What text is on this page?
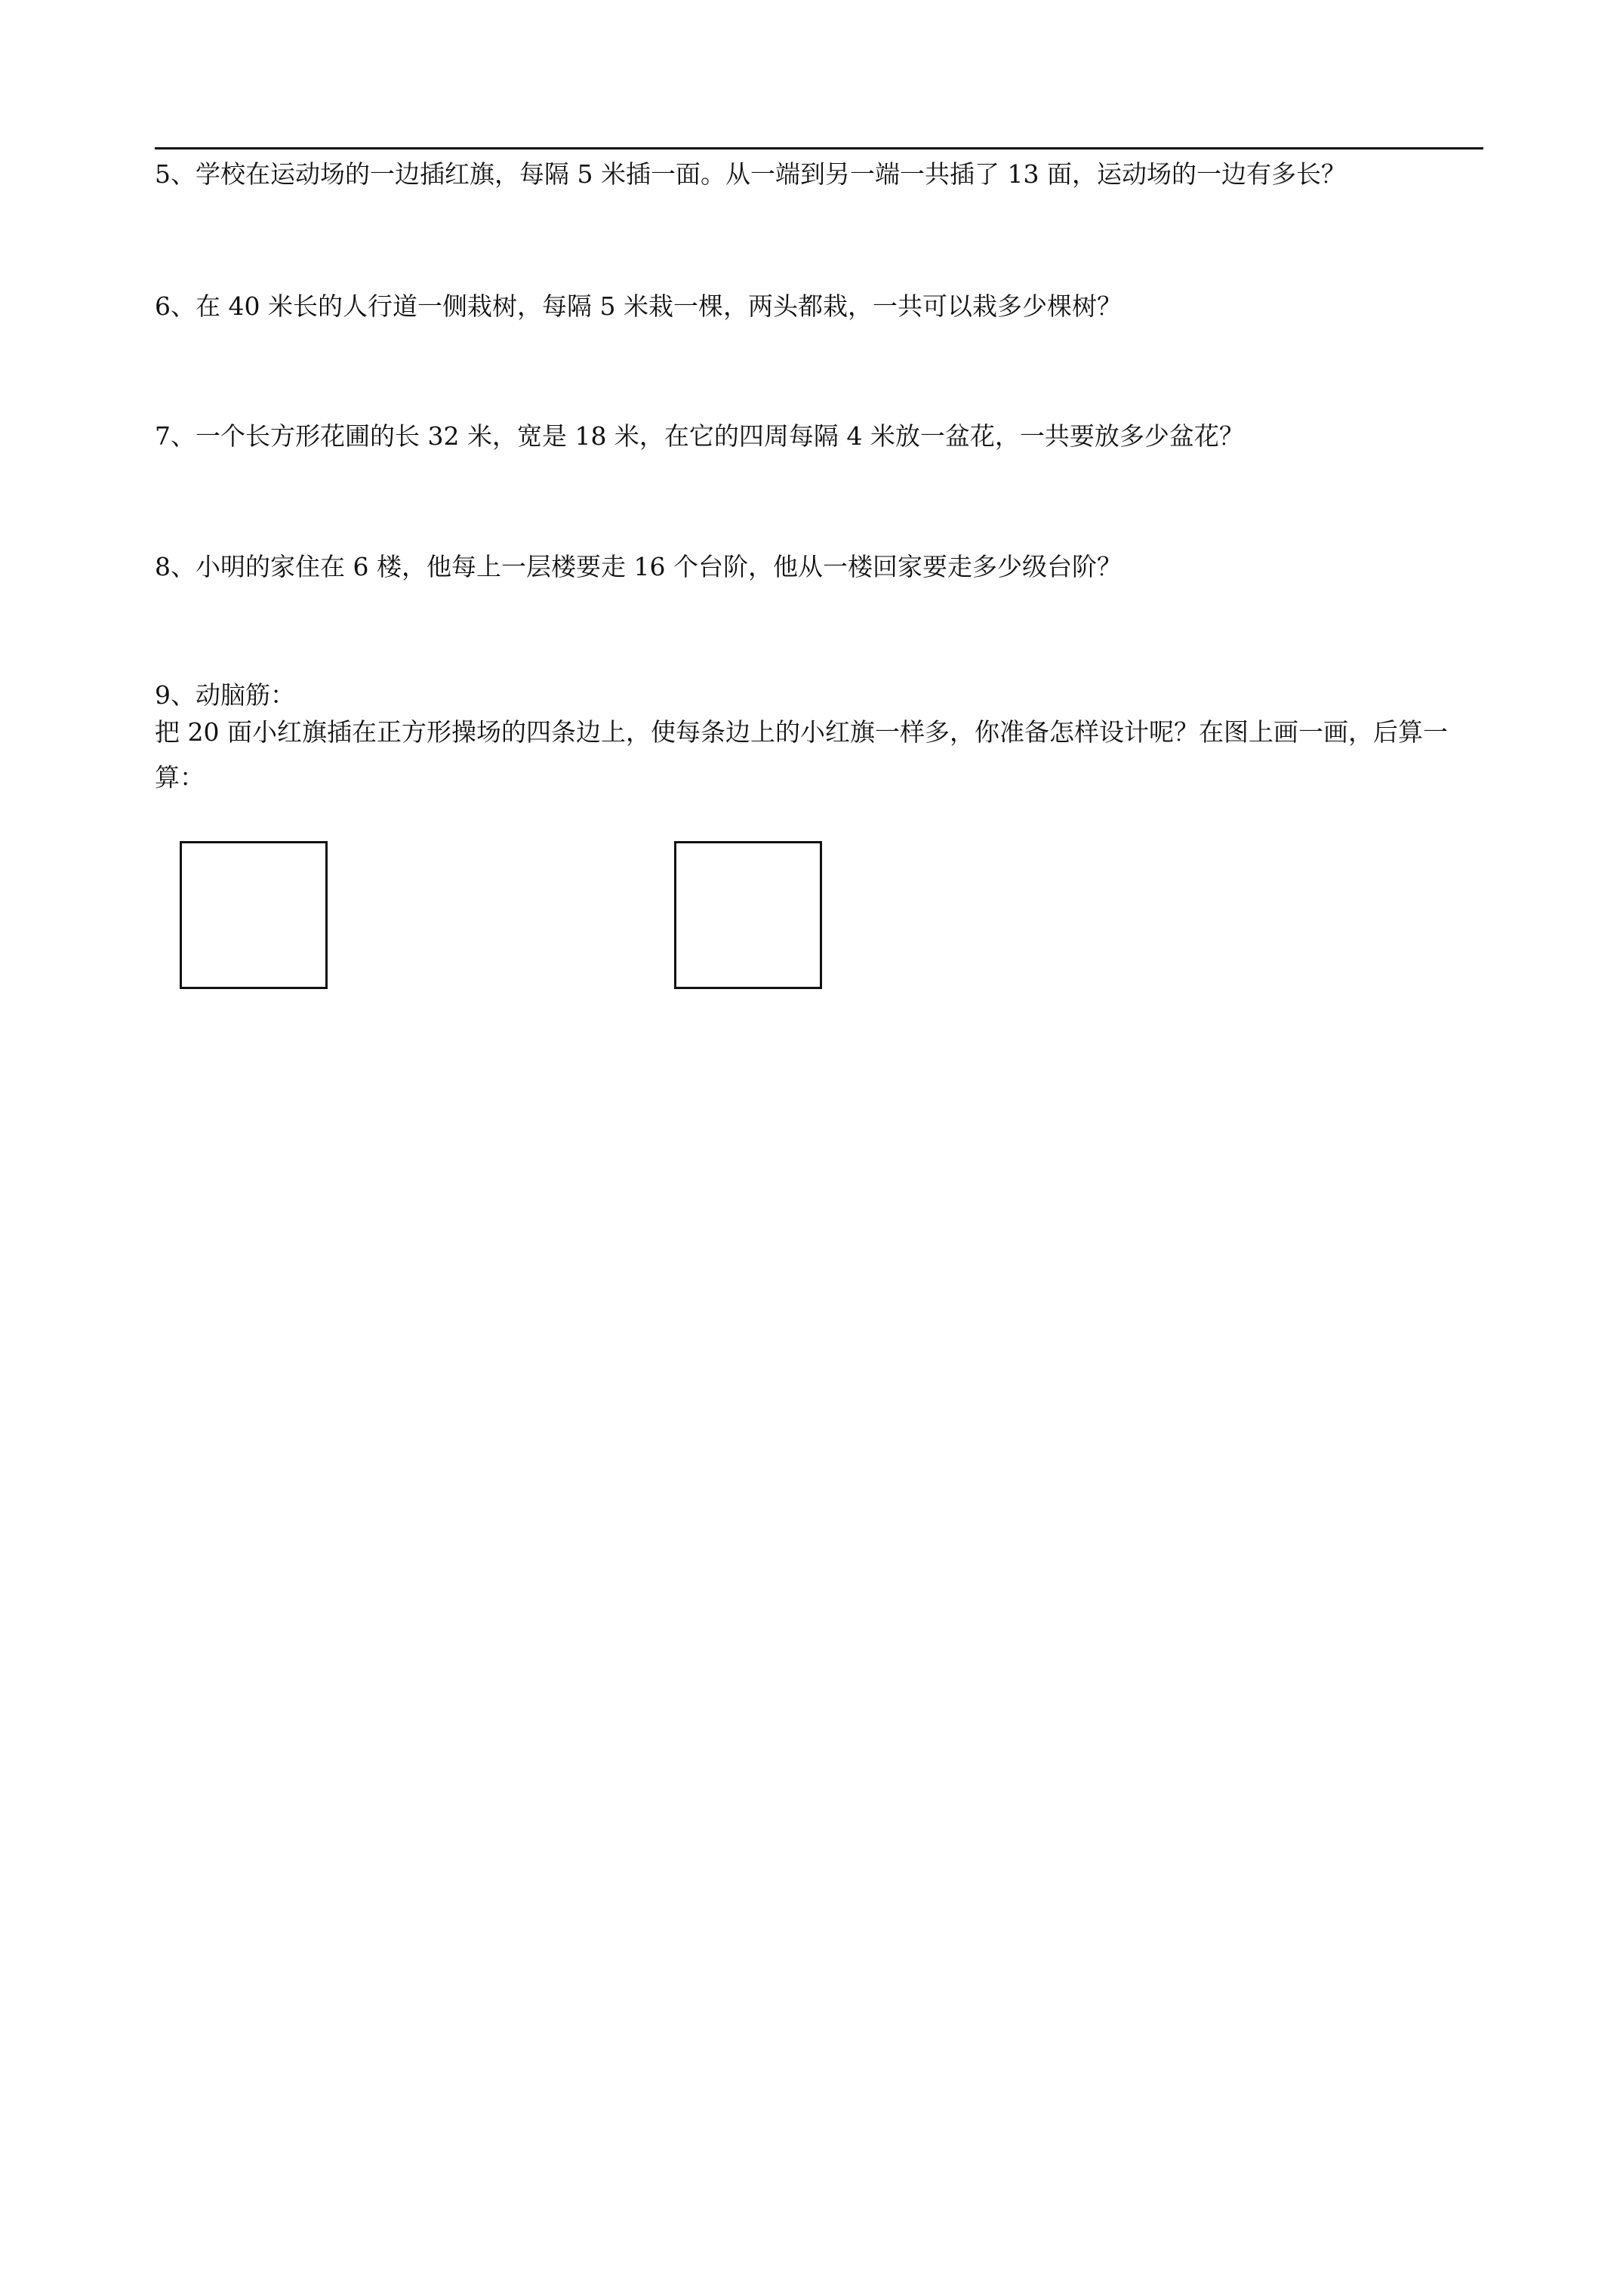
5、学校在运动场的一边插红旗，每隔 5 米插一面。从一端到另一端一共插了 13 面，运动场的一边有多长？
6、在 40 米长的人行道一侧栽树，每隔 5 米栽一棵，两头都栽，一共可以栽多少棵树？
7、一个长方形花圃的长 32 米，宽是 18 米，在它的四周每隔 4 米放一盆花，一共要放多少盆花？
8、小明的家住在 6 楼，他每上一层楼要走 16 个台阶，他从一楼回家要走多少级台阶？
9、动脑筋：
把 20 面小红旗插在正方形操场的四条边上，使每条边上的小红旗一样多，你准备怎样设计呢？在图上画一画，后算一算：
